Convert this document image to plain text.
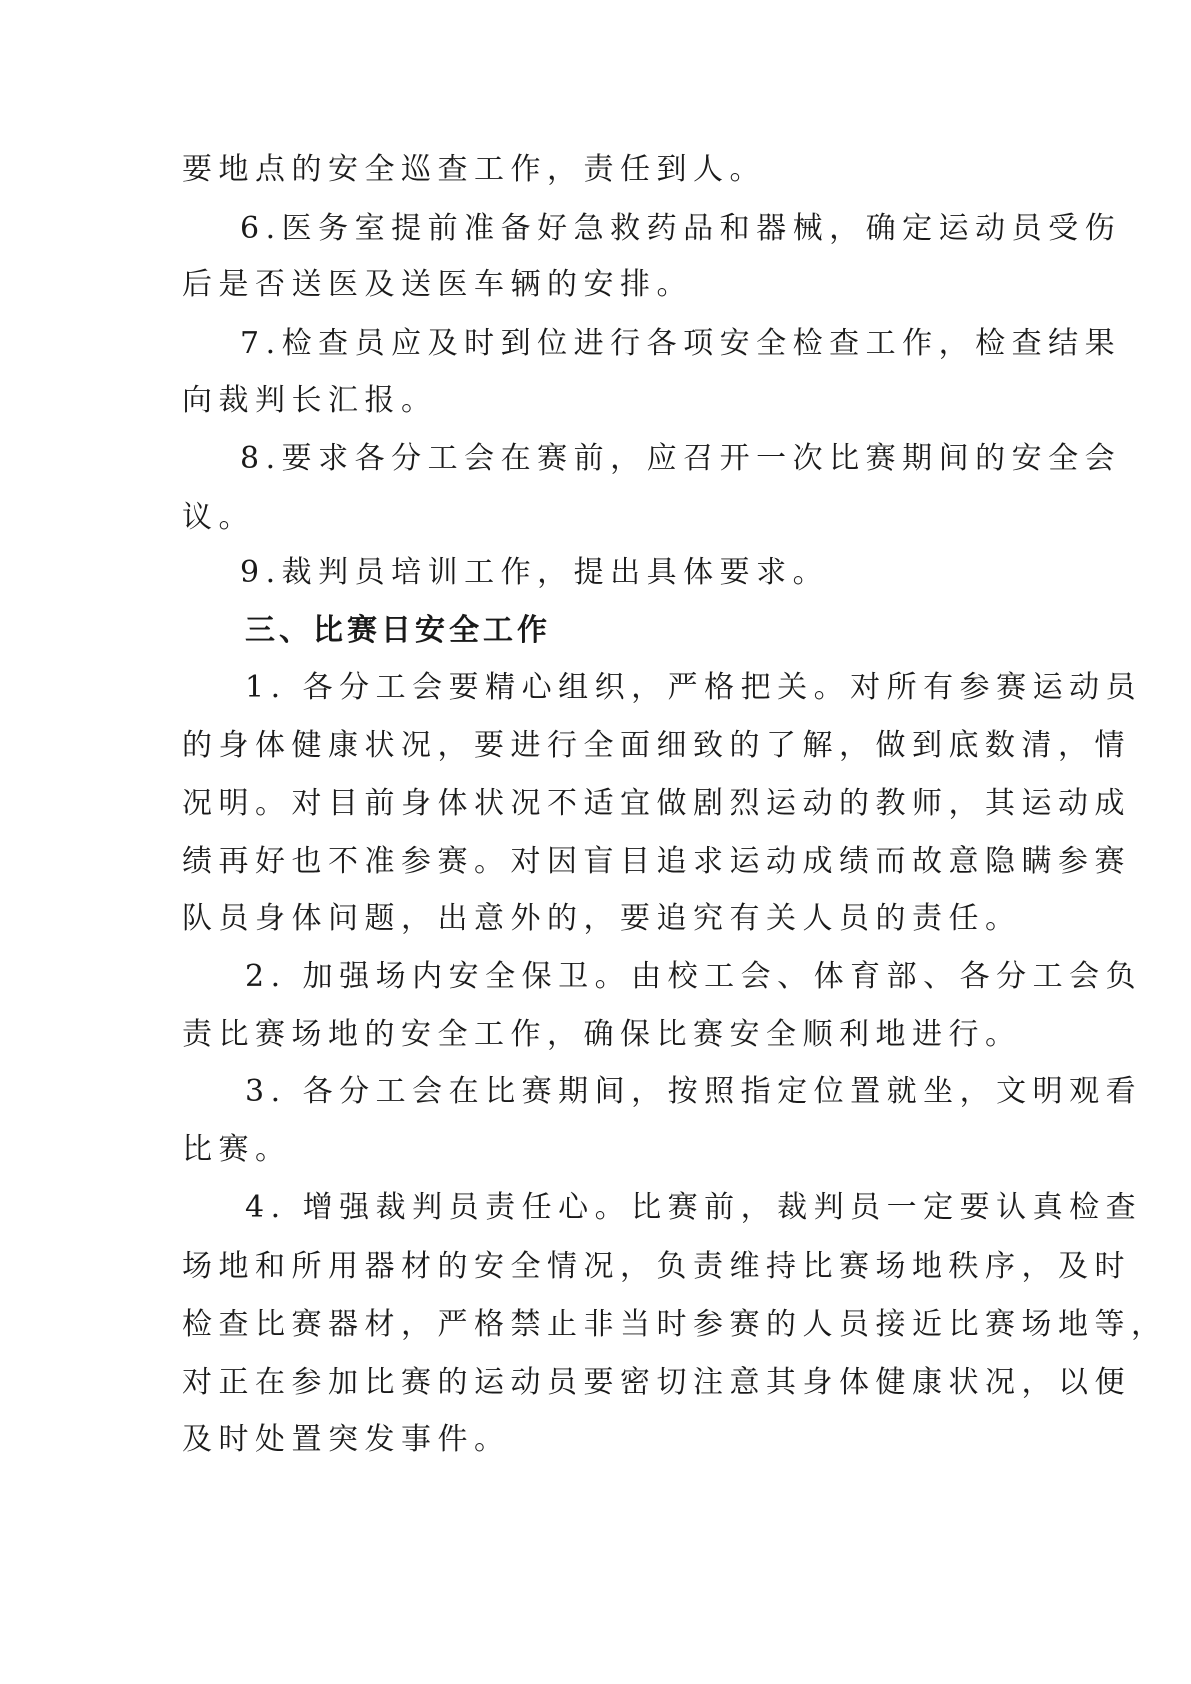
要地点的安全巡查工作，责任到人。
6.医务室提前准备好急救药品和器械，确定运动员受伤
后是否送医及送医车辆的安排。
7.检查员应及时到位进行各项安全检查工作，检查结果
向裁判长汇报。
8.要求各分工会在赛前，应召开一次比赛期间的安全会
议。
9.裁判员培训工作，提出具体要求。
三、比赛日安全工作
1. 各分工会要精心组织，严格把关。对所有参赛运动员
的身体健康状况，要进行全面细致的了解，做到底数清，情
况明。对目前身体状况不适宜做剧烈运动的教师，其运动成
绩再好也不准参赛。对因盲目追求运动成绩而故意隐瞒参赛
队员身体问题，出意外的，要追究有关人员的责任。
2. 加强场内安全保卫。由校工会、体育部、各分工会负
责比赛场地的安全工作，确保比赛安全顺利地进行。
3. 各分工会在比赛期间，按照指定位置就坐，文明观看
比赛。
4. 增强裁判员责任心。比赛前，裁判员一定要认真检查
场地和所用器材的安全情况，负责维持比赛场地秩序，及时
检查比赛器材，严格禁止非当时参赛的人员接近比赛场地等，
对正在参加比赛的运动员要密切注意其身体健康状况，以便
及时处置突发事件。
